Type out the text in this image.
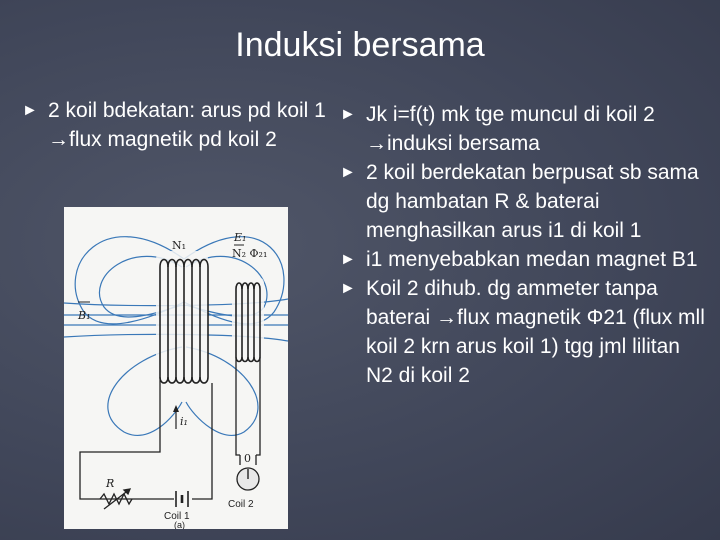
Induksi bersama

► 2 koil bdekatan: arus pd koil 1 →flux magnetik pd koil 2

► Jk i=f(t) mk tge muncul di koil 2 →induksi bersama

► 2 koil berdekatan berpusat sb sama dg hambatan R & baterai menghasilkan arus i1 di koil 1

► i1 menyebabkan medan magnet B1

► Koil 2 dihub. dg ammeter tanpa baterai →flux magnetik Φ21 (flux mll koil 2 krn arus koil 1) tgg jml lilitan N2 di koil 2

N₁
N₂ Φ₂₁
E₁
B₁
i₁
R
0
Coil 1
Coil 2
(a)
